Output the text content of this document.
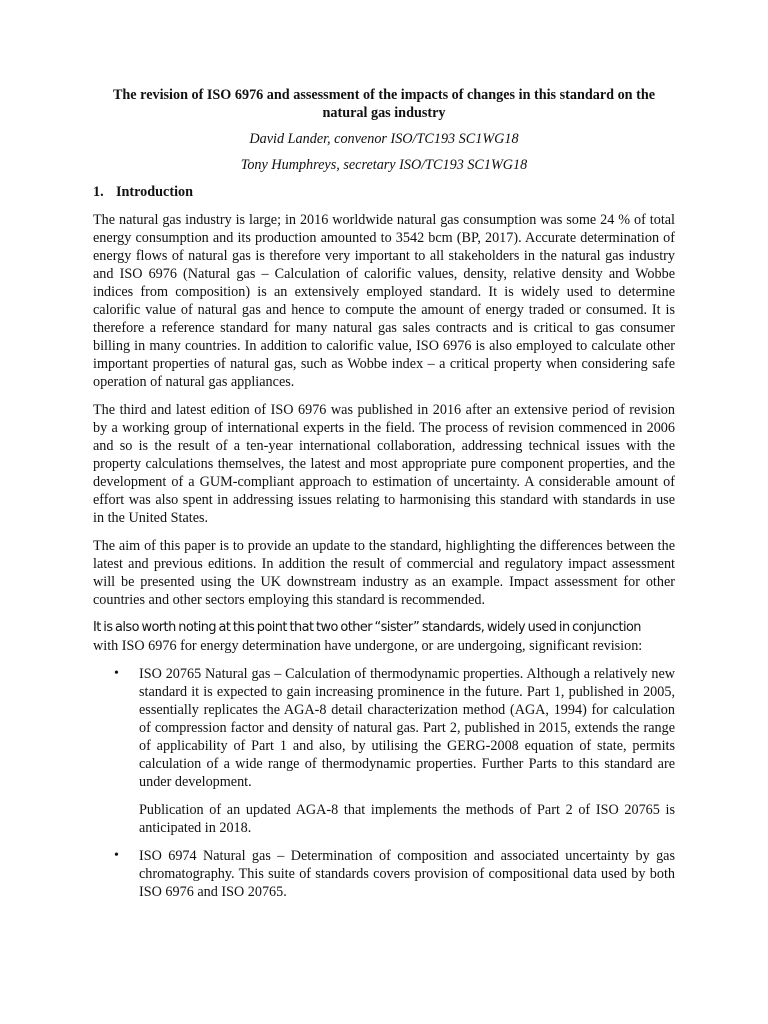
The revision of ISO 6976 and assessment of the impacts of changes in this standard on the natural gas industry
David Lander, convenor ISO/TC193 SC1WG18
Tony Humphreys, secretary ISO/TC193 SC1WG18
1. Introduction

The natural gas industry is large; in 2016 worldwide natural gas consumption was some 24 % of total energy consumption and its production amounted to 3542 bcm (BP, 2017). Accurate determination of energy flows of natural gas is therefore very important to all stakeholders in the natural gas industry and ISO 6976 (Natural gas – Calculation of calorific values, density, relative density and Wobbe indices from composition) is an extensively employed standard. It is widely used to determine calorific value of natural gas and hence to compute the amount of energy traded or consumed. It is therefore a reference standard for many natural gas sales contracts and is critical to gas consumer billing in many countries. In addition to calorific value, ISO 6976 is also employed to calculate other important properties of natural gas, such as Wobbe index – a critical property when considering safe operation of natural gas appliances.

The third and latest edition of ISO 6976 was published in 2016 after an extensive period of revision by a working group of international experts in the field. The process of revision commenced in 2006 and so is the result of a ten-year international collaboration, addressing technical issues with the property calculations themselves, the latest and most appropriate pure component properties, and the development of a GUM-compliant approach to estimation of uncertainty. A considerable amount of effort was also spent in addressing issues relating to harmonising this standard with standards in use in the United States.

The aim of this paper is to provide an update to the standard, highlighting the differences between the latest and previous editions. In addition the result of commercial and regulatory impact assessment will be presented using the UK downstream industry as an example. Impact assessment for other countries and other sectors employing this standard is recommended.

It is also worth noting at this point that two other “sister” standards, widely used in conjunction

with ISO 6976 for energy determination have undergone, or are undergoing, significant revision:

• ISO 20765 Natural gas – Calculation of thermodynamic properties. Although a relatively new standard it is expected to gain increasing prominence in the future. Part 1, published in 2005, essentially replicates the AGA-8 detail characterization method (AGA, 1994) for calculation of compression factor and density of natural gas. Part 2, published in 2015, extends the range of applicability of Part 1 and also, by utilising the GERG-2008 equation of state, permits calculation of a wide range of thermodynamic properties. Further Parts to this standard are under development.

Publication of an updated AGA-8 that implements the methods of Part 2 of ISO 20765 is anticipated in 2018.

• ISO 6974 Natural gas – Determination of composition and associated uncertainty by gas chromatography. This suite of standards covers provision of compositional data used by both ISO 6976 and ISO 20765.
